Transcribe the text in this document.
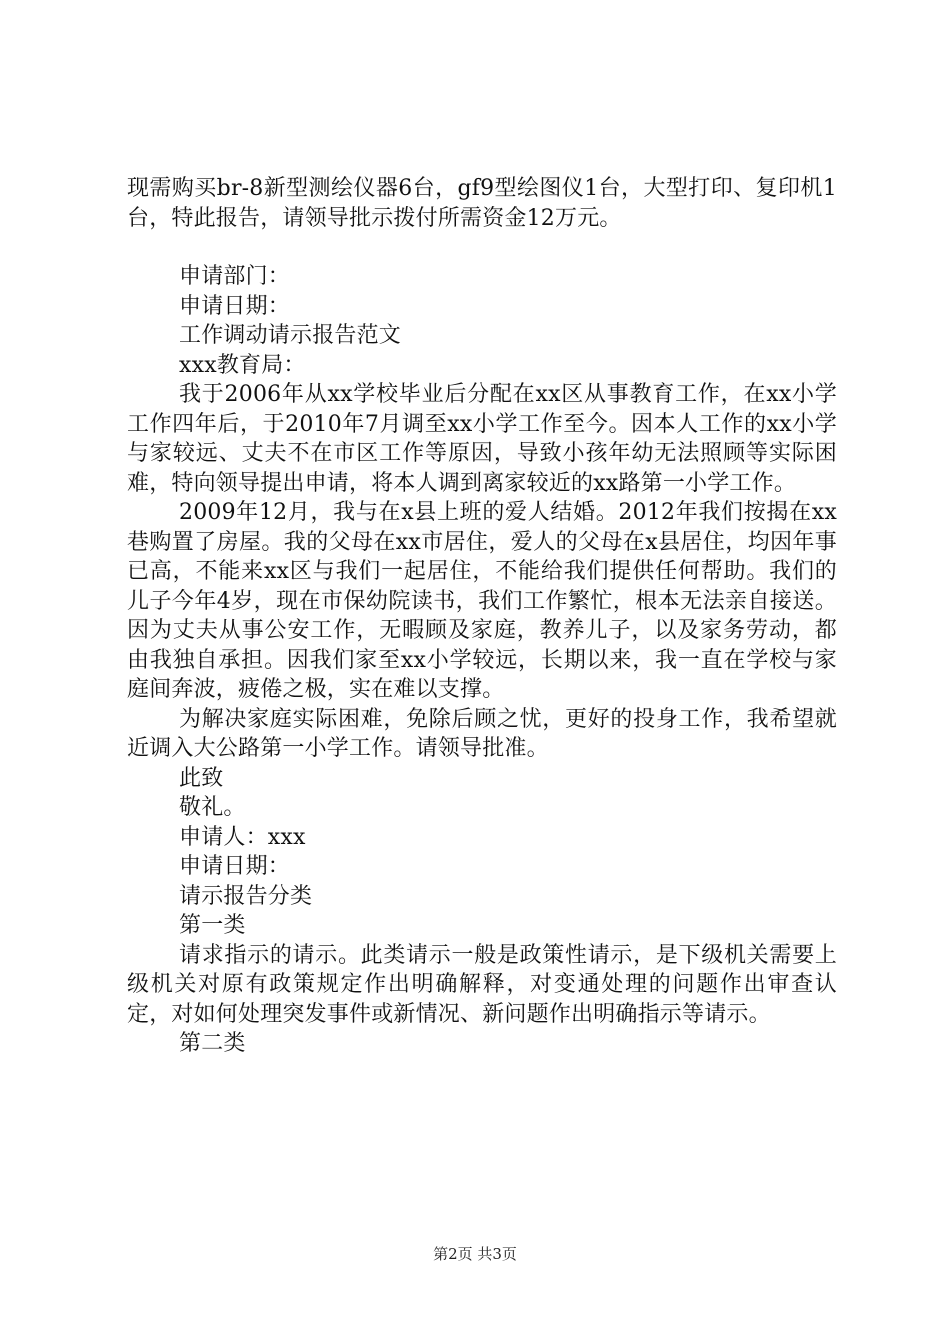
现需购买br-8新型测绘仪器6台，gf9型绘图仪1台，大型打印、复印机1台，特此报告，请领导批示拨付所需资金12万元。

申请部门：

申请日期：

工作调动请示报告范文

xxx教育局：

我于2006年从xx学校毕业后分配在xx区从事教育工作，在xx小学工作四年后，于2010年7月调至xx小学工作至今。因本人工作的xx小学与家较远、丈夫不在市区工作等原因，导致小孩年幼无法照顾等实际困难，特向领导提出申请，将本人调到离家较近的xx路第一小学工作。

2009年12月，我与在x县上班的爱人结婚。2012年我们按揭在xx巷购置了房屋。我的父母在xx市居住，爱人的父母在x县居住，均因年事已高，不能来xx区与我们一起居住，不能给我们提供任何帮助。我们的儿子今年4岁，现在市保幼院读书，我们工作繁忙，根本无法亲自接送。因为丈夫从事公安工作，无暇顾及家庭，教养儿子，以及家务劳动，都由我独自承担。因我们家至xx小学较远，长期以来，我一直在学校与家庭间奔波，疲倦之极，实在难以支撑。

为解决家庭实际困难，免除后顾之忧，更好的投身工作，我希望就近调入大公路第一小学工作。请领导批准。

此致

敬礼。

申请人：xxx

申请日期：

请示报告分类

第一类

请求指示的请示。此类请示一般是政策性请示，是下级机关需要上级机关对原有政策规定作出明确解释，对变通处理的问题作出审查认定，对如何处理突发事件或新情况、新问题作出明确指示等请示。

第二类

第2页 共3页
